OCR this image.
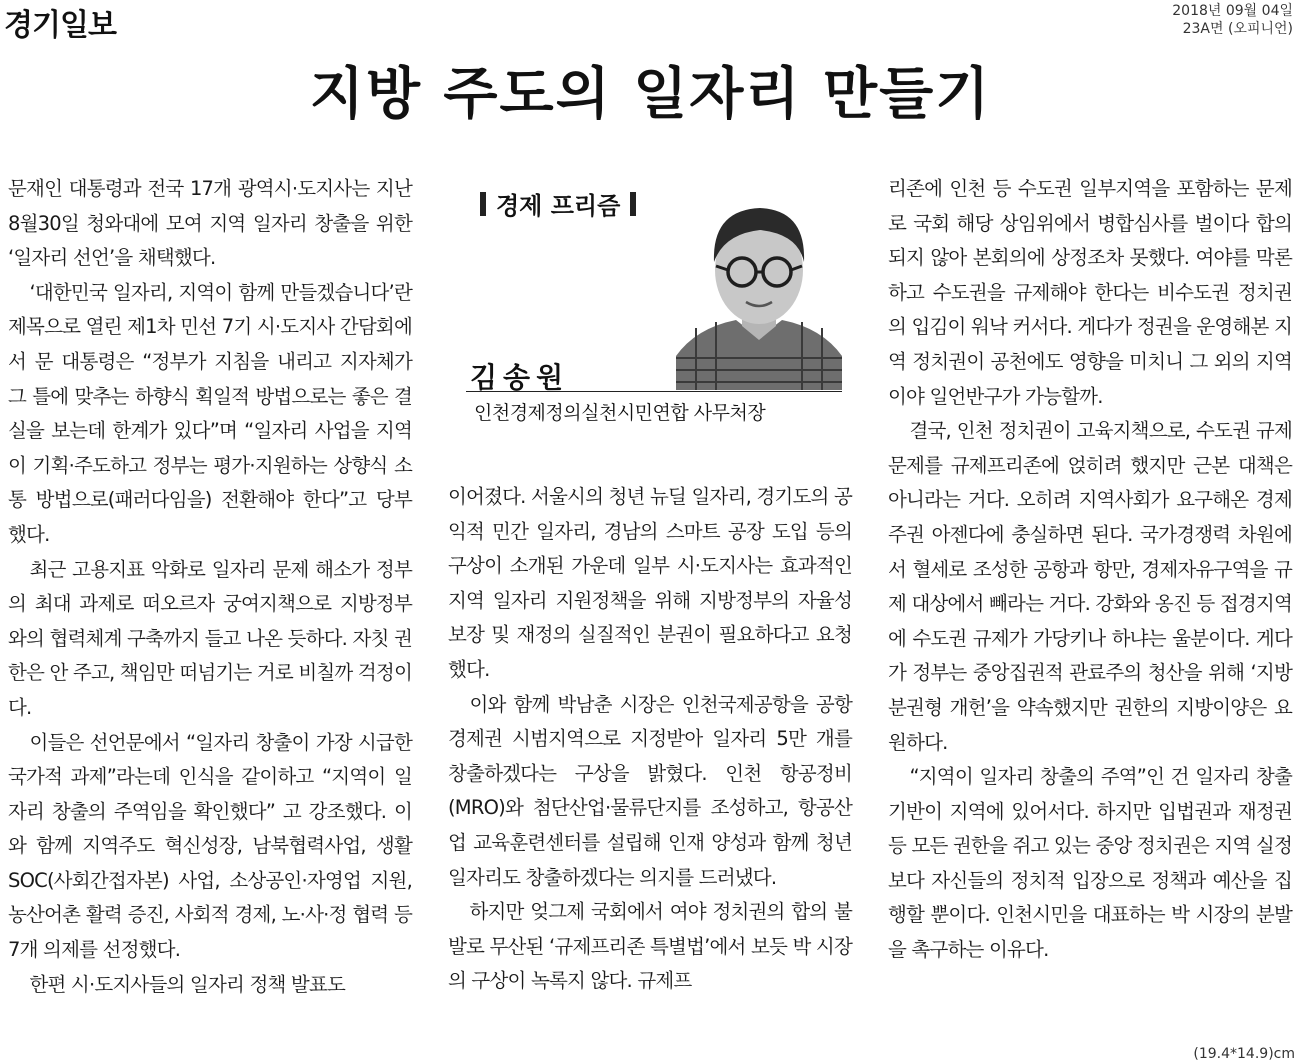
경기일보	2018년 09월 04일
23A면 (오피니언)
지방 주도의 일자리 만들기

문재인 대통령과 전국 17개 광역시·도지사는 지난 8월30일 청와대에 모여 지역 일자리 창출을 위한 ‘일자리 선언’을 채택했다.

‘대한민국 일자리, 지역이 함께 만들겠습니다’란 제목으로 열린 제1차 민선 7기 시·도지사 간담회에서 문 대통령은 “정부가 지침을 내리고 지자체가 그 틀에 맞추는 하향식 획일적 방법으로는 좋은 결실을 보는데 한계가 있다”며 “일자리 사업을 지역이 기획·주도하고 정부는 평가·지원하는 상향식 소통 방법으로(패러다임을) 전환해야 한다”고 당부했다.

최근 고용지표 악화로 일자리 문제 해소가 정부의 최대 과제로 떠오르자 궁여지책으로 지방정부와의 협력체계 구축까지 들고 나온 듯하다. 자칫 권한은 안 주고, 책임만 떠넘기는 거로 비칠까 걱정이다.

이들은 선언문에서 “일자리 창출이 가장 시급한 국가적 과제”라는데 인식을 같이하고 “지역이 일자리 창출의 주역임을 확인했다” 고 강조했다. 이와 함께 지역주도 혁신성장, 남북협력사업, 생활 SOC(사회간접자본) 사업, 소상공인·자영업 지원, 농산어촌 활력 증진, 사회적 경제, 노·사·정 협력 등 7개 의제를 선정했다.

한편 시·도지사들의 일자리 정책 발표도

경제 프리즘
김송원
인천경제정의실천시민연합 사무처장

이어졌다. 서울시의 청년 뉴딜 일자리, 경기도의 공익적 민간 일자리, 경남의 스마트 공장 도입 등의 구상이 소개된 가운데 일부 시·도지사는 효과적인 지역 일자리 지원정책을 위해 지방정부의 자율성 보장 및 재정의 실질적인 분권이 필요하다고 요청했다.

이와 함께 박남춘 시장은 인천국제공항을 공항경제권 시범지역으로 지정받아 일자리 5만 개를 창출하겠다는 구상을 밝혔다. 인천 항공정비(MRO)와 첨단산업·물류단지를 조성하고, 항공산업 교육훈련센터를 설립해 인재 양성과 함께 청년 일자리도 창출하겠다는 의지를 드러냈다.

하지만 엊그제 국회에서 여야 정치권의 합의 불발로 무산된 ‘규제프리존 특별법’에서 보듯 박 시장의 구상이 녹록지 않다. 규제프

리존에 인천 등 수도권 일부지역을 포함하는 문제로 국회 해당 상임위에서 병합심사를 벌이다 합의되지 않아 본회의에 상정조차 못했다. 여야를 막론하고 수도권을 규제해야 한다는 비수도권 정치권의 입김이 워낙 커서다. 게다가 정권을 운영해본 지역 정치권이 공천에도 영향을 미치니 그 외의 지역이야 일언반구가 가능할까.

결국, 인천 정치권이 고육지책으로, 수도권 규제 문제를 규제프리존에 얹히려 했지만 근본 대책은 아니라는 거다. 오히려 지역사회가 요구해온 경제주권 아젠다에 충실하면 된다. 국가경쟁력 차원에서 혈세로 조성한 공항과 항만, 경제자유구역을 규제 대상에서 빼라는 거다. 강화와 옹진 등 접경지역에 수도권 규제가 가당키나 하냐는 울분이다. 게다가 정부는 중앙집권적 관료주의 청산을 위해 ‘지방분권형 개헌’을 약속했지만 권한의 지방이양은 요원하다.

“지역이 일자리 창출의 주역”인 건 일자리 창출 기반이 지역에 있어서다. 하지만 입법권과 재정권 등 모든 권한을 쥐고 있는 중앙 정치권은 지역 실정보다 자신들의 정치적 입장으로 정책과 예산을 집행할 뿐이다. 인천시민을 대표하는 박 시장의 분발을 촉구하는 이유다.

(19.4*14.9)cm
